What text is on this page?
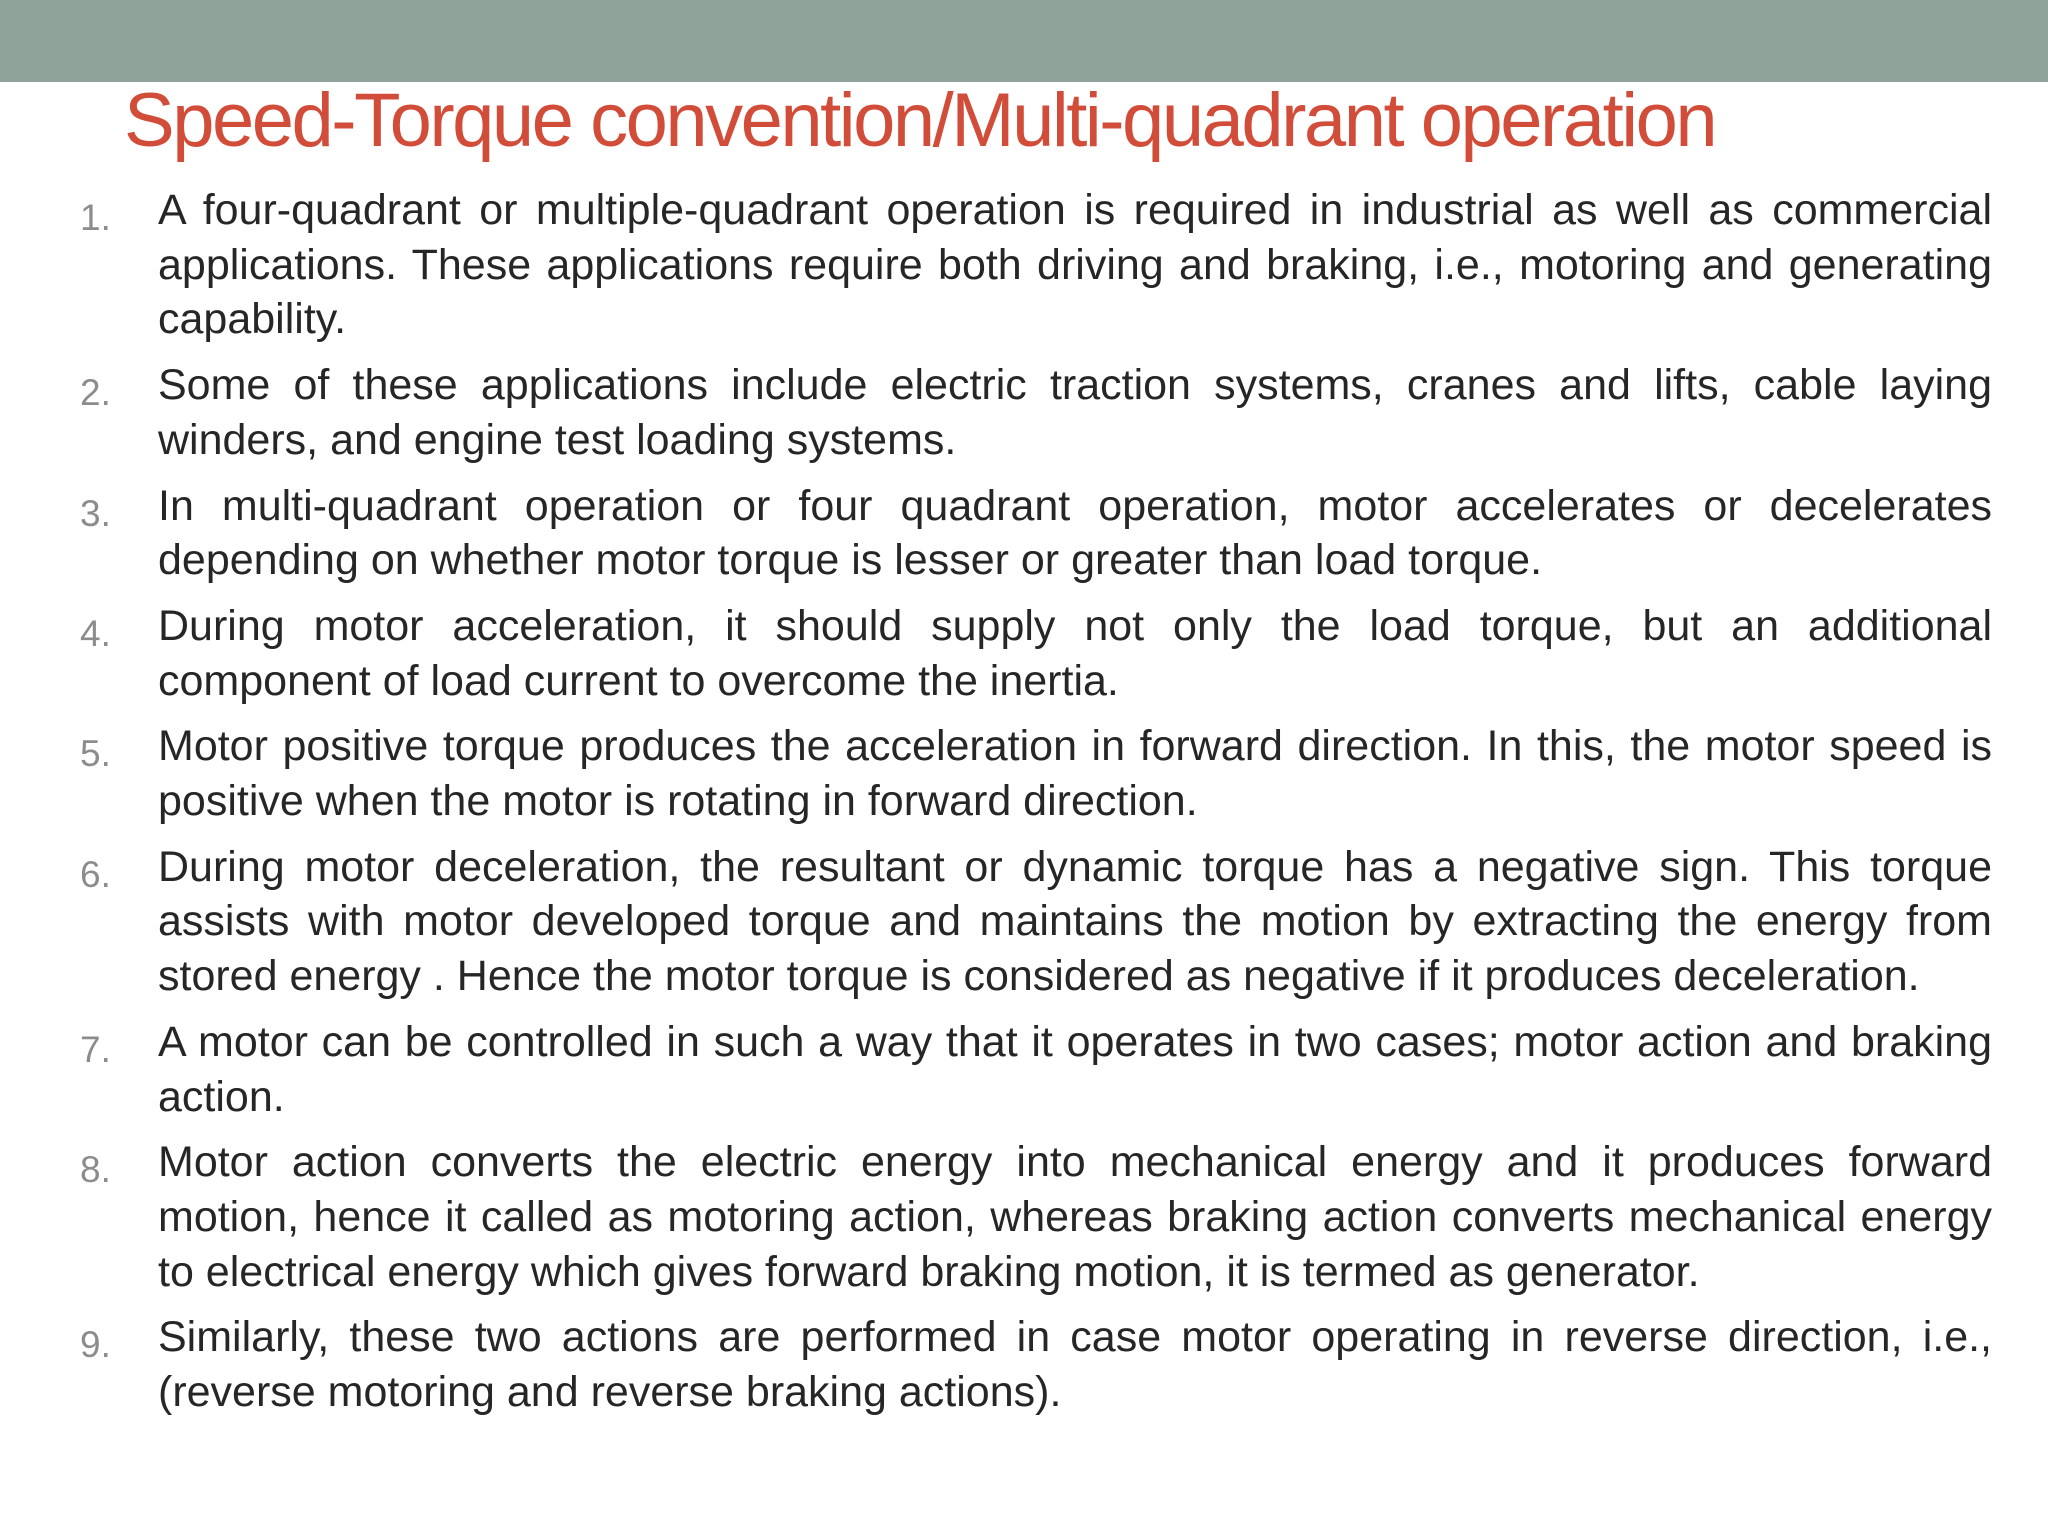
Speed-Torque convention/Multi-quadrant operation
1. A four-quadrant or multiple-quadrant operation is required in industrial as well as commercial applications. These applications require both driving and braking, i.e., motoring and generating capability.
2. Some of these applications include electric traction systems, cranes and lifts, cable laying winders, and engine test loading systems.
3. In multi-quadrant operation or four quadrant operation, motor accelerates or decelerates depending on whether motor torque is lesser or greater than load torque.
4. During motor acceleration, it should supply not only the load torque, but an additional component of load current to overcome the inertia.
5. Motor positive torque produces the acceleration in forward direction. In this, the motor speed is positive when the motor is rotating in forward direction.
6. During motor deceleration, the resultant or dynamic torque has a negative sign. This torque assists with motor developed torque and maintains the motion by extracting the energy from stored energy . Hence the motor torque is considered as negative if it produces deceleration.
7. A motor can be controlled in such a way that it operates in two cases; motor action and braking action.
8. Motor action converts the electric energy into mechanical energy and it produces forward motion, hence it called as motoring action, whereas braking action converts mechanical energy to electrical energy which gives forward braking motion, it is termed as generator.
9. Similarly, these two actions are performed in case motor operating in reverse direction, i.e., (reverse motoring and reverse braking actions).
